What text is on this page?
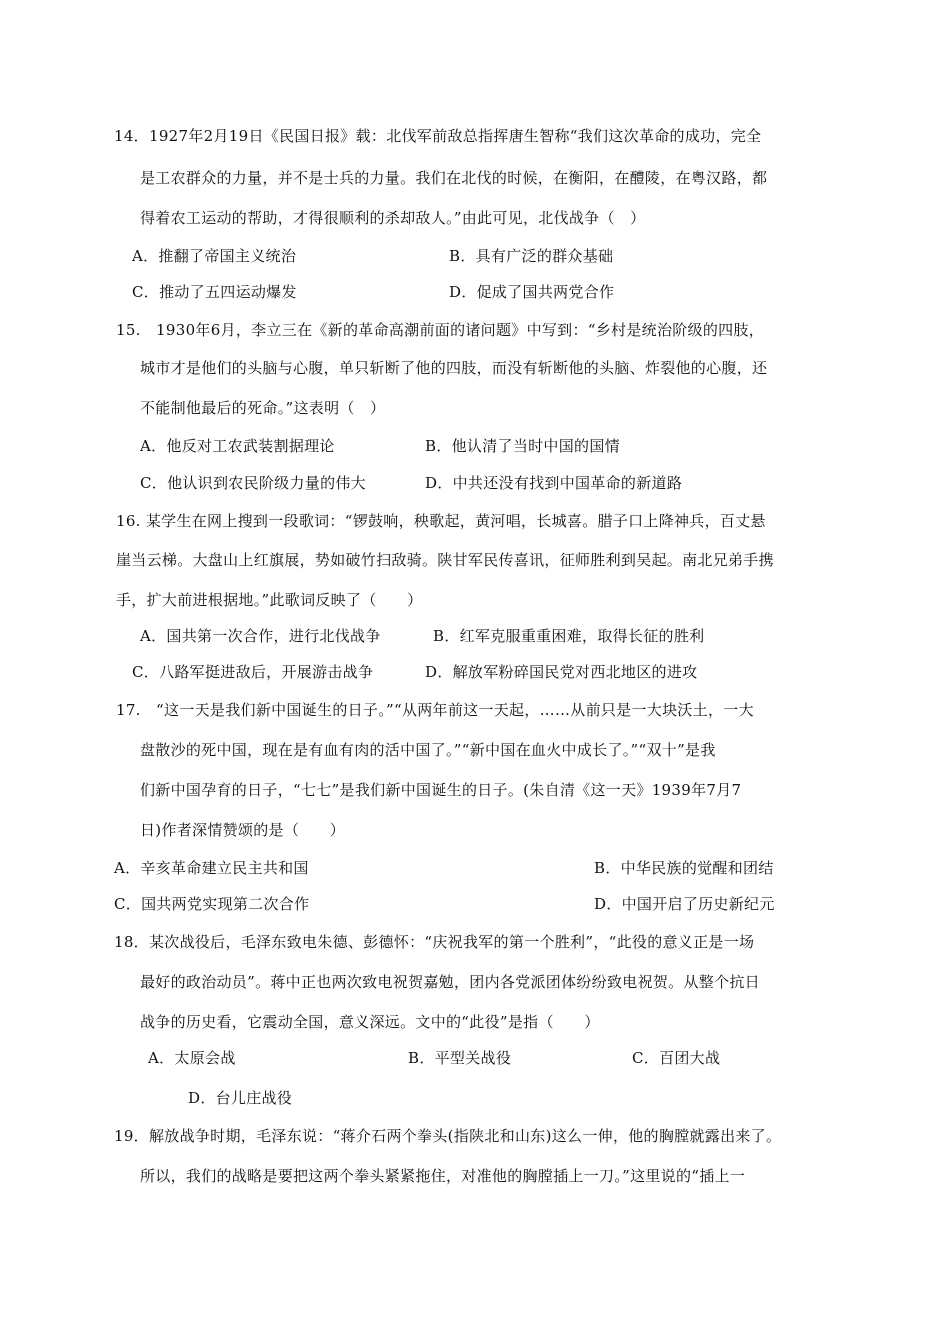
14．1927年2月19日《民国日报》载：北伐军前敌总指挥唐生智称“我们这次革命的成功，完全
是工农群众的力量，并不是士兵的力量。我们在北伐的时候，在衡阳，在醴陵，在粤汉路，都
得着农工运动的帮助，才得很顺利的杀却敌人。”由此可见，北伐战争（　）
A．推翻了帝国主义统治	B．具有广泛的群众基础
C．推动了五四运动爆发	D．促成了国共两党合作
15.　1930年6月，李立三在《新的革命高潮前面的诸问题》中写到：“乡村是统治阶级的四肢，
城市才是他们的头脑与心腹，单只斩断了他的四肢，而没有斩断他的头脑、炸裂他的心腹，还
不能制他最后的死命。”这表明（　）
A．他反对工农武装割据理论	B．他认清了当时中国的国情
C．他认识到农民阶级力量的伟大	D．中共还没有找到中国革命的新道路
16. 某学生在网上搜到一段歌词：“锣鼓响，秧歌起，黄河唱，长城喜。腊子口上降神兵，百丈悬
崖当云梯。大盘山上红旗展，势如破竹扫敌骑。陕甘军民传喜讯，征师胜利到吴起。南北兄弟手携
手，扩大前进根据地。”此歌词反映了（　　）
A．国共第一次合作，进行北伐战争	B．红军克服重重困难，取得长征的胜利
C．八路军挺进敌后，开展游击战争	D．解放军粉碎国民党对西北地区的进攻
17.　“这一天是我们新中国诞生的日子。”“从两年前这一天起，……从前只是一大块沃土，一大
盘散沙的死中国，现在是有血有肉的活中国了。”“新中国在血火中成长了。”“双十”是我
们新中国孕育的日子，“七七”是我们新中国诞生的日子。(朱自清《这一天》1939年7月7
日)作者深情赞颂的是（　　）
A．辛亥革命建立民主共和国	B．中华民族的觉醒和团结
C．国共两党实现第二次合作	D．中国开启了历史新纪元
18．某次战役后，毛泽东致电朱德、彭德怀：“庆祝我军的第一个胜利”，“此役的意义正是一场
最好的政治动员”。蒋中正也两次致电祝贺嘉勉，团内各党派团体纷纷致电祝贺。从整个抗日
战争的历史看，它震动全国，意义深远。文中的“此役”是指（　　）
A．太原会战	B．平型关战役	C．百团大战
D．台儿庄战役
19．解放战争时期，毛泽东说：“蒋介石两个拳头(指陕北和山东)这么一伸，他的胸膛就露出来了。
所以，我们的战略是要把这两个拳头紧紧拖住，对准他的胸膛插上一刀。”这里说的“插上一
